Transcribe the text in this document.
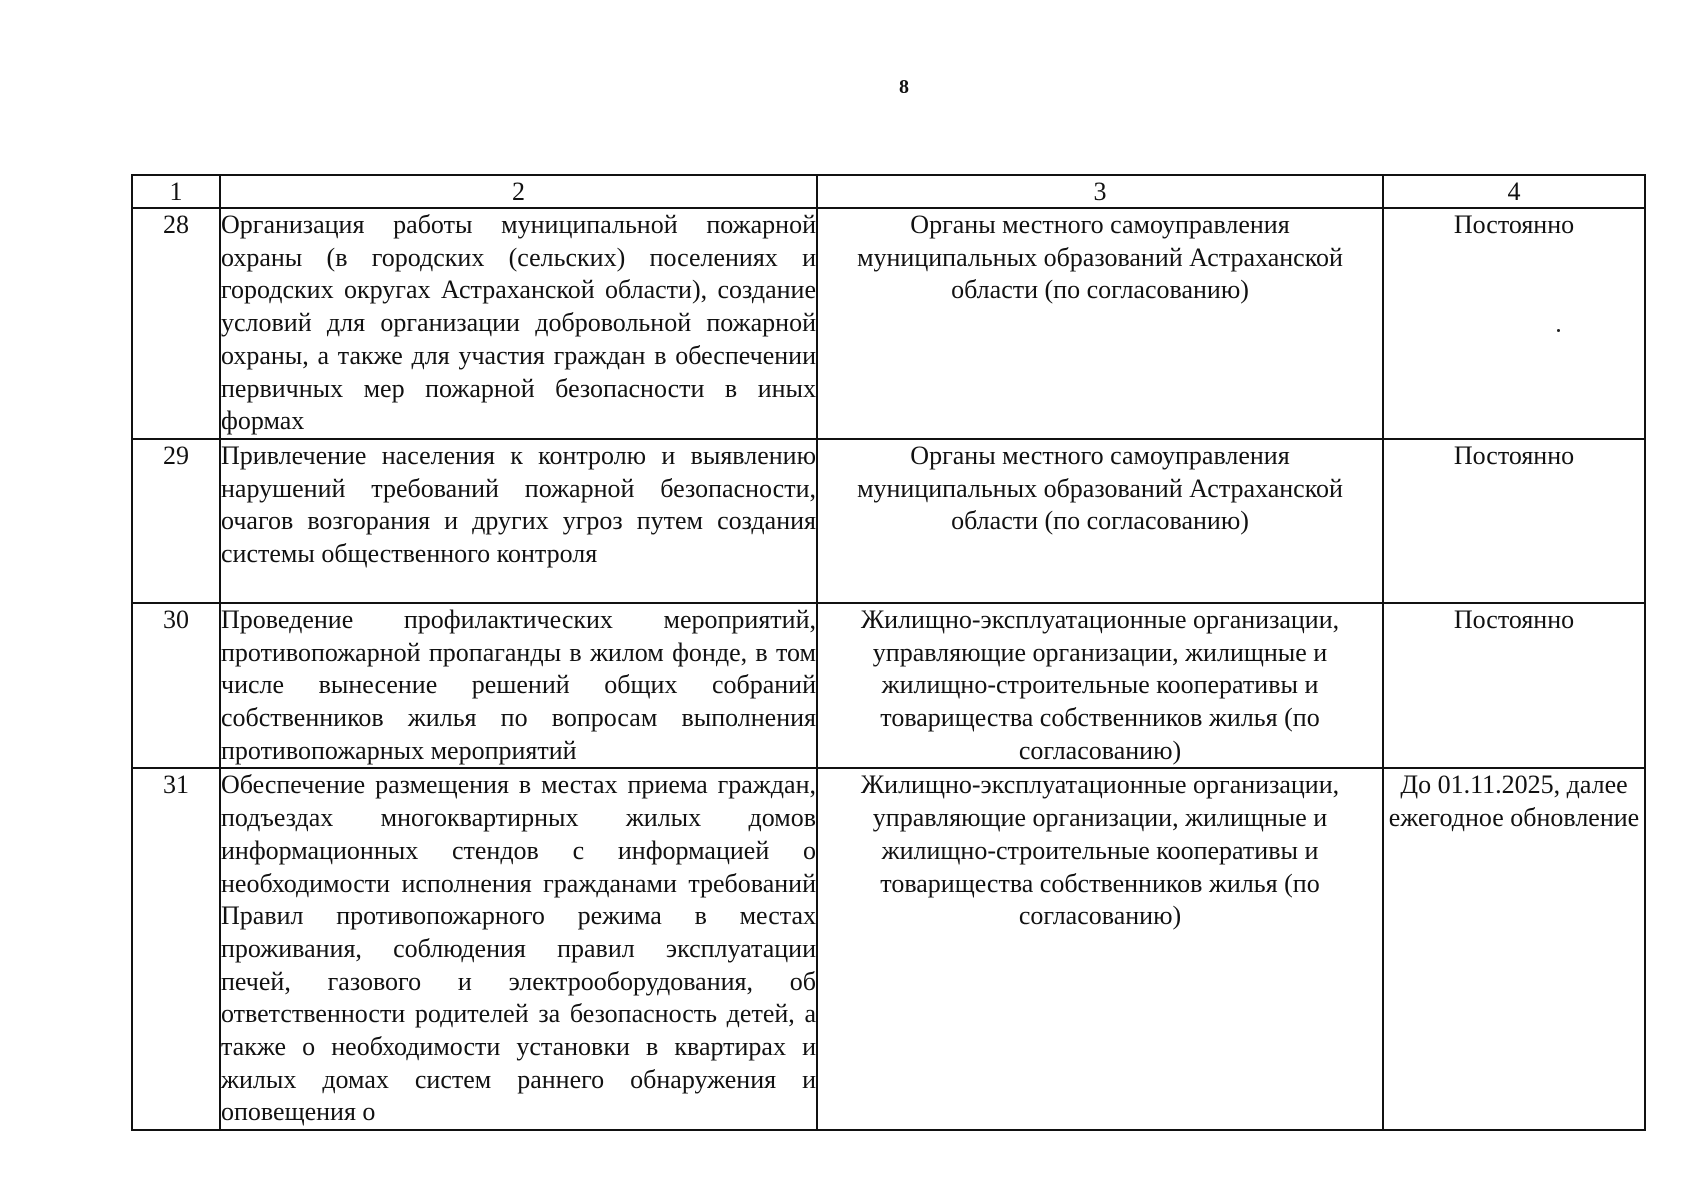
8
1	2	3	4
28	Организация работы муниципальной пожарной охраны (в городских (сельских) поселениях и городских округах Астраханской области), создание условий для организации добровольной пожарной охраны, а также для участия граждан в обеспечении первичных мер пожарной безопасности в иных формах	Органы местного самоуправления муниципальных образований Астраханской области (по согласованию)	Постоянно
29	Привлечение населения к контролю и выявлению нарушений требований пожарной безопасности, очагов возгорания и других угроз путем создания системы общественного контроля	Органы местного самоуправления муниципальных образований Астраханской области (по согласованию)	Постоянно
30	Проведение профилактических мероприятий, противопожарной пропаганды в жилом фонде, в том числе вынесение решений общих собраний собственников жилья по вопросам выполнения противопожарных мероприятий	Жилищно-эксплуатационные организации, управляющие организации, жилищные и жилищно-строительные кооперативы и товарищества собственников жилья (по согласованию)	Постоянно
31	Обеспечение размещения в местах приема граждан, подъездах многоквартирных жилых домов информационных стендов с информацией о необходимости исполнения гражданами требований Правил противопожарного режима в местах проживания, соблюдения правил эксплуатации печей, газового и электрооборудования, об ответственности родителей за безопасность детей, а также о необходимости установки в квартирах и жилых домах систем раннего обнаружения и оповещения о	Жилищно-эксплуатационные организации, управляющие организации, жилищные и жилищно-строительные кооперативы и товарищества собственников жилья (по согласованию)	До 01.11.2025, далее ежегодное обновление
